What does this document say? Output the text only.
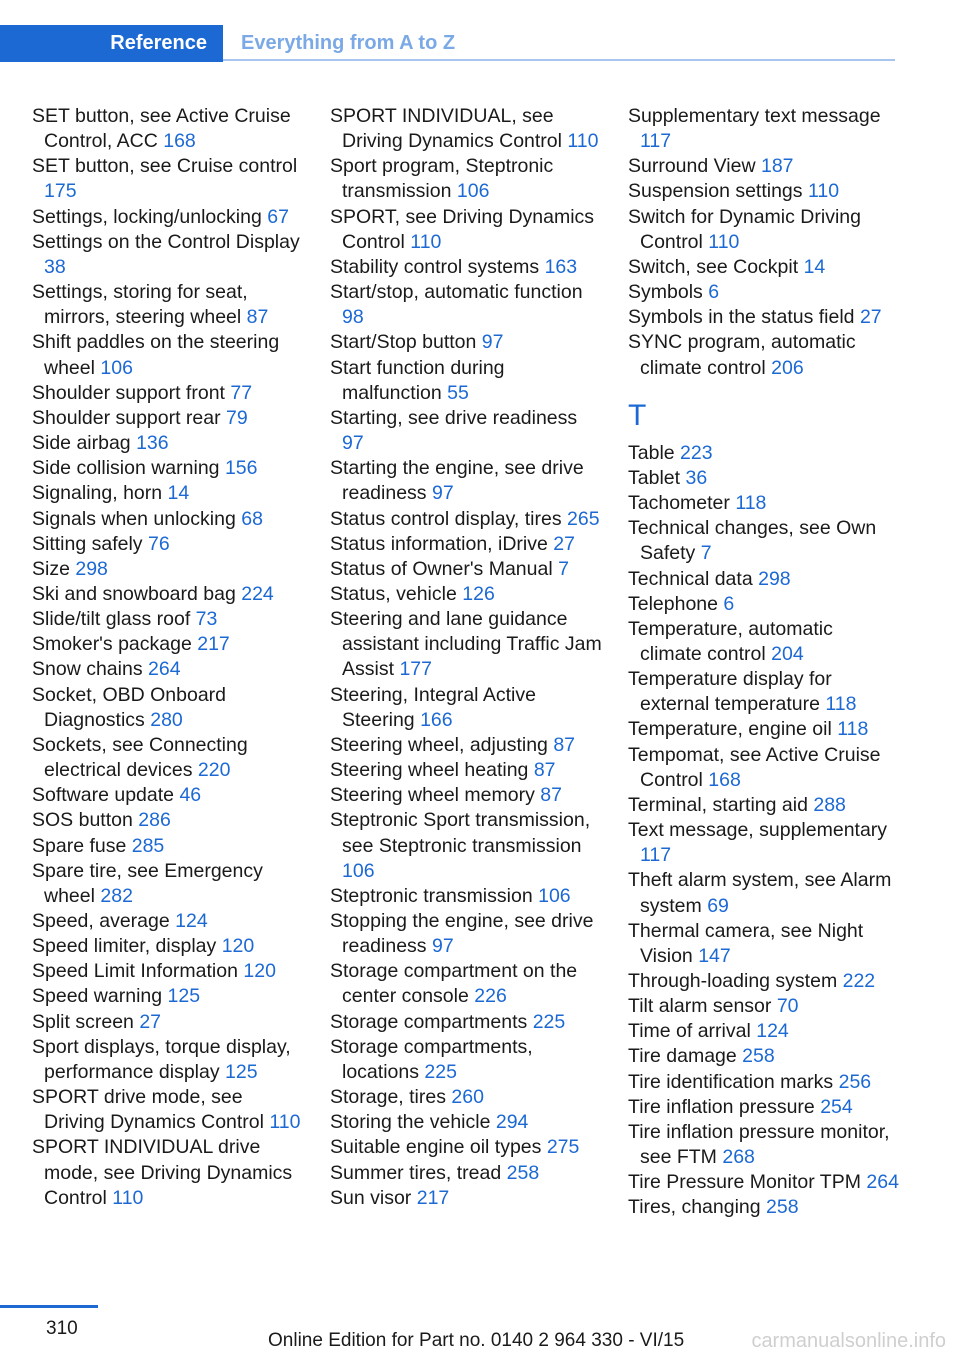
Reference	Everything from A to Z
SET button, see Active Cruise Control, ACC 168
SET button, see Cruise control 175
Settings, locking/unlocking 67
Settings on the Control Display 38
Settings, storing for seat, mirrors, steering wheel 87
Shift paddles on the steering wheel 106
Shoulder support front 77
Shoulder support rear 79
Side airbag 136
Side collision warning 156
Signaling, horn 14
Signals when unlocking 68
Sitting safely 76
Size 298
Ski and snowboard bag 224
Slide/tilt glass roof 73
Smoker's package 217
Snow chains 264
Socket, OBD Onboard Diagnostics 280
Sockets, see Connecting electrical devices 220
Software update 46
SOS button 286
Spare fuse 285
Spare tire, see Emergency wheel 282
Speed, average 124
Speed limiter, display 120
Speed Limit Information 120
Speed warning 125
Split screen 27
Sport displays, torque display, performance display 125
SPORT drive mode, see Driving Dynamics Control 110
SPORT INDIVIDUAL drive mode, see Driving Dynamics Control 110
SPORT INDIVIDUAL, see Driving Dynamics Control 110
Sport program, Steptronic transmission 106
SPORT, see Driving Dynamics Control 110
Stability control systems 163
Start/stop, automatic function 98
Start/Stop button 97
Start function during malfunction 55
Starting, see drive readiness 97
Starting the engine, see drive readiness 97
Status control display, tires 265
Status information, iDrive 27
Status of Owner's Manual 7
Status, vehicle 126
Steering and lane guidance assistant including Traffic Jam Assist 177
Steering, Integral Active Steering 166
Steering wheel, adjusting 87
Steering wheel heating 87
Steering wheel memory 87
Steptronic Sport transmission, see Steptronic transmission 106
Steptronic transmission 106
Stopping the engine, see drive readiness 97
Storage compartment on the center console 226
Storage compartments 225
Storage compartments, locations 225
Storage, tires 260
Storing the vehicle 294
Suitable engine oil types 275
Summer tires, tread 258
Sun visor 217
Supplementary text message 117
Surround View 187
Suspension settings 110
Switch for Dynamic Driving Control 110
Switch, see Cockpit 14
Symbols 6
Symbols in the status field 27
SYNC program, automatic climate control 206
T
Table 223
Tablet 36
Tachometer 118
Technical changes, see Own Safety 7
Technical data 298
Telephone 6
Temperature, automatic climate control 204
Temperature display for external temperature 118
Temperature, engine oil 118
Tempomat, see Active Cruise Control 168
Terminal, starting aid 288
Text message, supplementary 117
Theft alarm system, see Alarm system 69
Thermal camera, see Night Vision 147
Through-loading system 222
Tilt alarm sensor 70
Time of arrival 124
Tire damage 258
Tire identification marks 256
Tire inflation pressure 254
Tire inflation pressure monitor, see FTM 268
Tire Pressure Monitor TPM 264
Tires, changing 258
310
Online Edition for Part no. 0140 2 964 330 - VI/15	carmanualsonline.info
